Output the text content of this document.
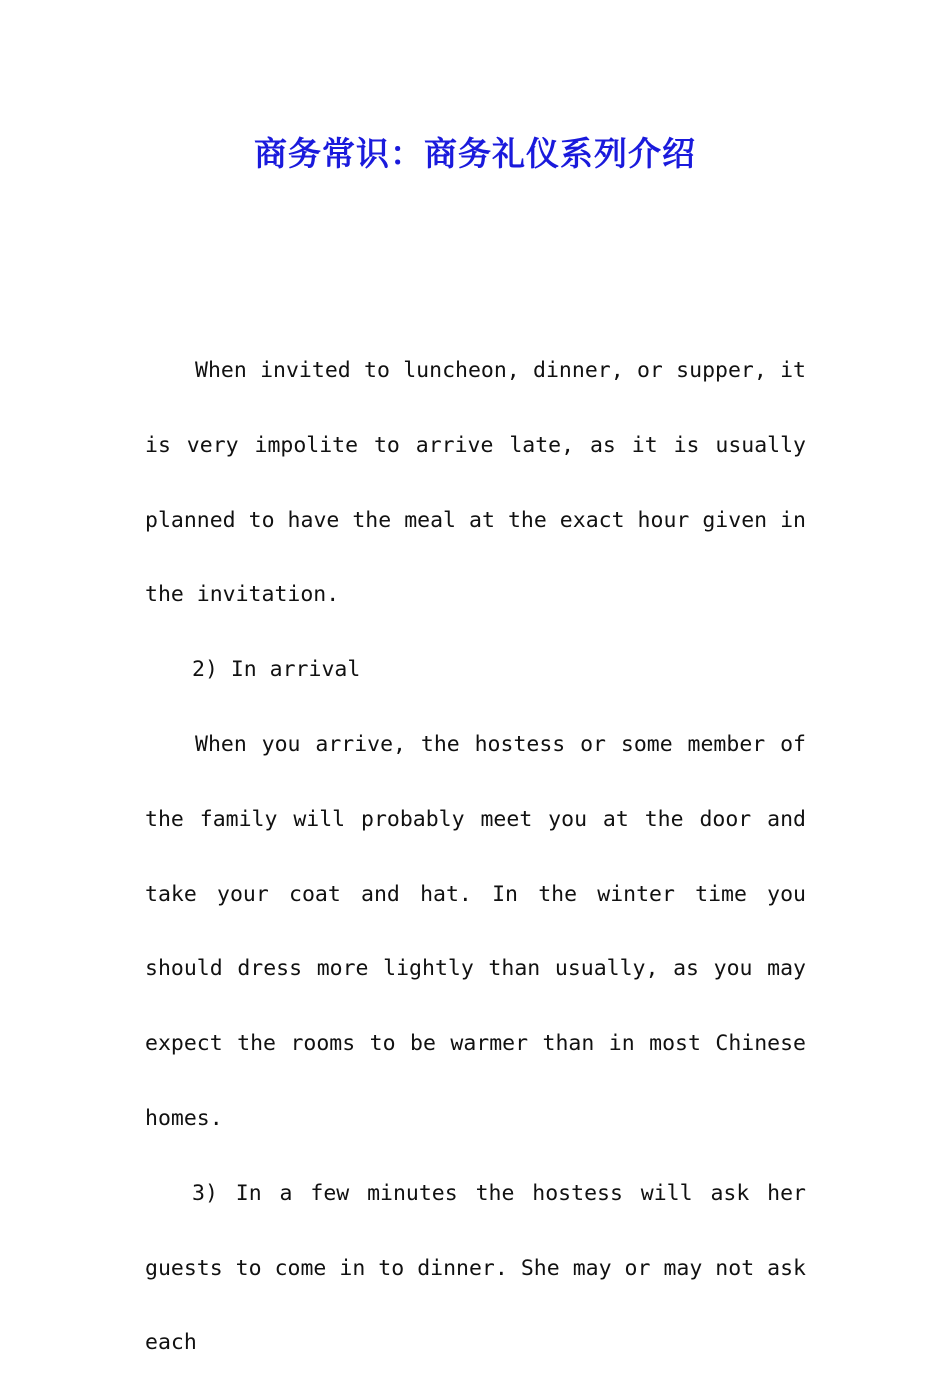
商务常识：商务礼仪系列介绍

When invited to luncheon, dinner, or supper, it is very impolite to arrive late, as it is usually planned to have the meal at the exact hour given in the invitation.

2) In arrival

When you arrive, the hostess or some member of the family will probably meet you at the door and take your coat and hat. In the winter time you should dress more lightly than usually, as you may expect the rooms to be warmer than in most Chinese homes.

3) In a few minutes the hostess will ask her guests to come in to dinner. She may or may not ask each
